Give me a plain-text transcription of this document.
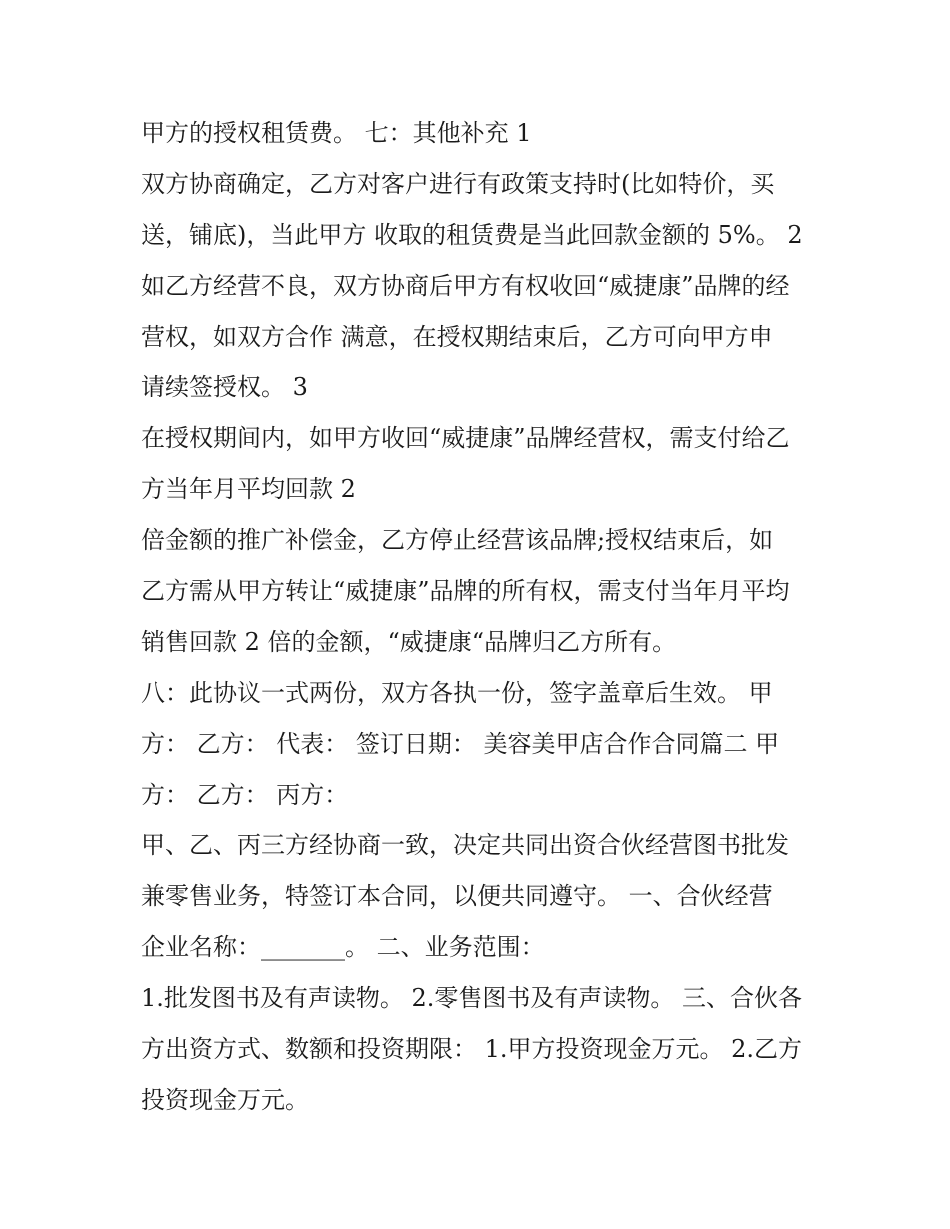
甲方的授权租赁费。 七：其他补充 1
双方协商确定，乙方对客户进行有政策支持时(比如特价，买
送，铺底)，当此甲方 收取的租赁费是当此回款金额的 5%。 2
如乙方经营不良，双方协商后甲方有权收回“威捷康”品牌的经
营权，如双方合作 满意，在授权期结束后，乙方可向甲方申
请续签授权。 3
在授权期间内，如甲方收回“威捷康”品牌经营权，需支付给乙
方当年月平均回款 2
倍金额的推广补偿金，乙方停止经营该品牌;授权结束后，如
乙方需从甲方转让“威捷康”品牌的所有权，需支付当年月平均
销售回款 2 倍的金额，“威捷康“品牌归乙方所有。
八：此协议一式两份，双方各执一份，签字盖章后生效。 甲
方： 乙方： 代表： 签订日期： 美容美甲店合作合同篇二 甲
方： 乙方： 丙方：
甲、乙、丙三方经协商一致，决定共同出资合伙经营图书批发
兼零售业务，特签订本合同，以便共同遵守。 一、合伙经营
企业名称：_______。 二、业务范围：
1.批发图书及有声读物。 2.零售图书及有声读物。 三、合伙各
方出资方式、数额和投资期限： 1.甲方投资现金万元。 2.乙方
投资现金万元。
